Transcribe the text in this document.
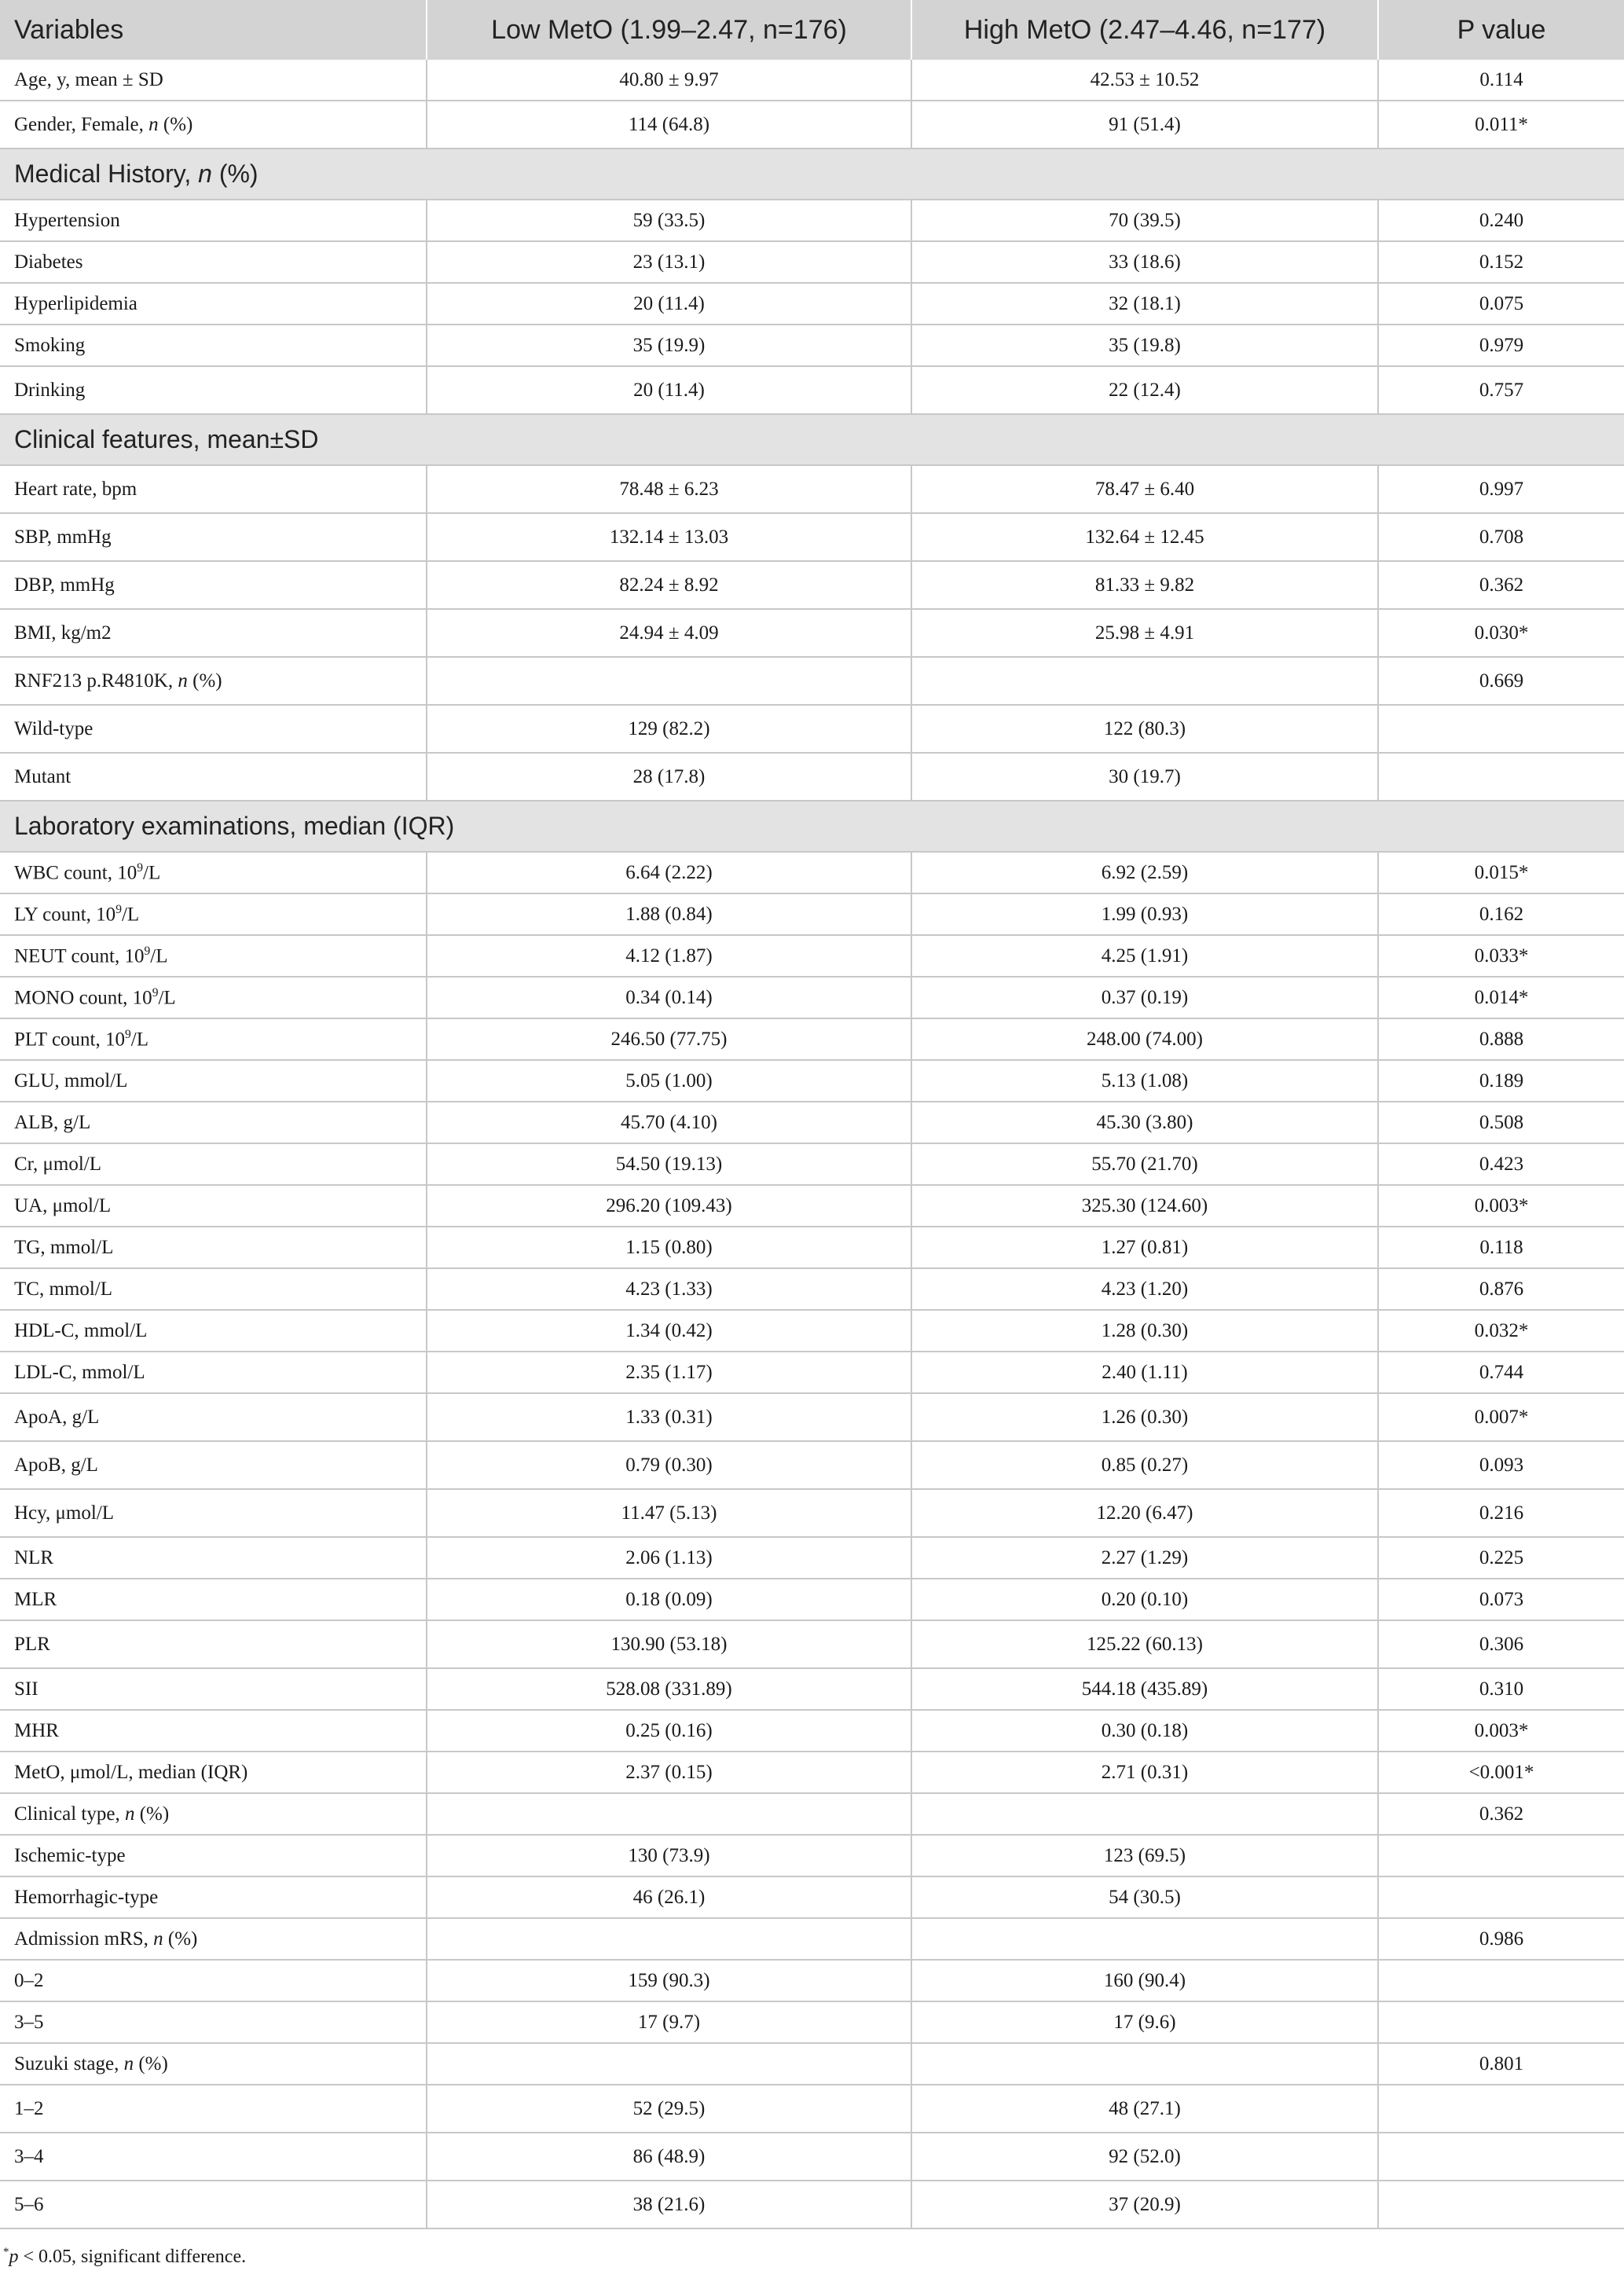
Variables	Low MetO (1.99–2.47, n=176)	High MetO (2.47–4.46, n=177)	P value
Age, y, mean ± SD	40.80 ± 9.97	42.53 ± 10.52	0.114
Gender, Female, n (%)	114 (64.8)	91 (51.4)	0.011*
Medical History, n (%)			
Hypertension	59 (33.5)	70 (39.5)	0.240
Diabetes	23 (13.1)	33 (18.6)	0.152
Hyperlipidemia	20 (11.4)	32 (18.1)	0.075
Smoking	35 (19.9)	35 (19.8)	0.979
Drinking	20 (11.4)	22 (12.4)	0.757
Clinical features, mean±SD			
Heart rate, bpm	78.48 ± 6.23	78.47 ± 6.40	0.997
SBP, mmHg	132.14 ± 13.03	132.64 ± 12.45	0.708
DBP, mmHg	82.24 ± 8.92	81.33 ± 9.82	0.362
BMI, kg/m2	24.94 ± 4.09	25.98 ± 4.91	0.030*
RNF213 p.R4810K, n (%)			0.669
Wild-type	129 (82.2)	122 (80.3)	
Mutant	28 (17.8)	30 (19.7)	
Laboratory examinations, median (IQR)			
WBC count, $10^9/L$	6.64 (2.22)	6.92 (2.59)	0.015*
LY count, $10^9/L$	1.88 (0.84)	1.99 (0.93)	0.162
NEUT count, $10^9/L$	4.12 (1.87)	4.25 (1.91)	0.033*
MONO count, $10^9/L$	0.34 (0.14)	0.37 (0.19)	0.014*
PLT count, $10^9/L$	246.50 (77.75)	248.00 (74.00)	0.888
GLU, mmol/L	5.05 (1.00)	5.13 (1.08)	0.189
ALB, g/L	45.70 (4.10)	45.30 (3.80)	0.508
Cr, μmol/L	54.50 (19.13)	55.70 (21.70)	0.423
UA, μmol/L	296.20 (109.43)	325.30 (124.60)	0.003*
TG, mmol/L	1.15 (0.80)	1.27 (0.81)	0.118
TC, mmol/L	4.23 (1.33)	4.23 (1.20)	0.876
HDL-C, mmol/L	1.34 (0.42)	1.28 (0.30)	0.032*
LDL-C, mmol/L	2.35 (1.17)	2.40 (1.11)	0.744
ApoA, g/L	1.33 (0.31)	1.26 (0.30)	0.007*
ApoB, g/L	0.79 (0.30)	0.85 (0.27)	0.093
Hcy, μmol/L	11.47 (5.13)	12.20 (6.47)	0.216
NLR	2.06 (1.13)	2.27 (1.29)	0.225
MLR	0.18 (0.09)	0.20 (0.10)	0.073
PLR	130.90 (53.18)	125.22 (60.13)	0.306
SII	528.08 (331.89)	544.18 (435.89)	0.310
MHR	0.25 (0.16)	0.30 (0.18)	0.003*
MetO, μmol/L, median (IQR)	2.37 (0.15)	2.71 (0.31)	<0.001*
Clinical type, n (%)			0.362
Ischemic-type	130 (73.9)	123 (69.5)	
Hemorrhagic-type	46 (26.1)	54 (30.5)	
Admission mRS, n (%)			0.986
0–2	159 (90.3)	160 (90.4)	
3–5	17 (9.7)	17 (9.6)	
Suzuki stage, n (%)			0.801
1–2	52 (29.5)	48 (27.1)	
3–4	86 (48.9)	92 (52.0)	
5–6	38 (21.6)	37 (20.9)	
*p < 0.05, significant difference.
